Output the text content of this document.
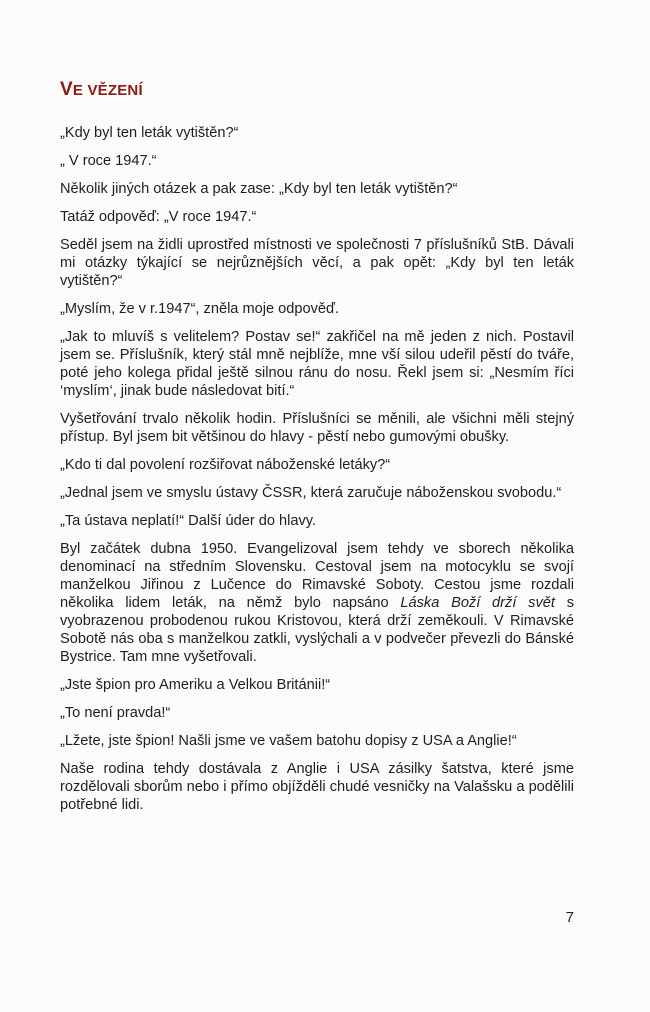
VE VĚZENÍ

„Kdy byl ten leták vytištěn?“

„ V roce 1947.“

Několik jiných otázek a pak zase: „Kdy byl ten leták vytištěn?“

Tatáž odpověď: „V roce 1947.“

Seděl jsem na židli uprostřed místnosti ve společnosti 7 příslušníků StB. Dávali mi otázky týkající se nejrůznějších věcí, a pak opět: „Kdy byl ten leták vytištěn?“

„Myslím, že v r.1947“, zněla moje odpověď.

„Jak to mluvíš s velitelem? Postav se!“ zakřičel na mě jeden z nich. Postavil jsem se. Příslušník, který stál mně nejblíže, mne vší silou udeřil pěstí do tváře, poté jeho kolega přidal ještě silnou ránu do nosu. Řekl jsem si: „Nesmím říci ‘myslím‘, jinak bude následovat bití.“

Vyšetřování trvalo několik hodin. Příslušníci se měnili, ale všichni měli stejný přístup. Byl jsem bit většinou do hlavy - pěstí nebo gumovými obušky.

„Kdo ti dal povolení rozšiřovat náboženské letáky?“

„Jednal jsem ve smyslu ústavy ČSSR, která zaručuje náboženskou svobodu.“

„Ta ústava neplatí!“ Další úder do hlavy.

Byl začátek dubna 1950. Evangelizoval jsem tehdy ve sborech několika denominací na středním Slovensku. Cestoval jsem na motocyklu se svojí manželkou Jiřinou z Lučence do Rimavské Soboty. Cestou jsme rozdali několika lidem leták, na němž bylo napsáno Láska Boží drží svět s vyobrazenou probodenou rukou Kristovou, která drží zeměkouli. V Rimavské Sobotě nás oba s manželkou zatkli, vyslýchali a v podvečer převezli do Bánské Bystrice. Tam mne vyšetřovali.

„Jste špion pro Ameriku a Velkou Británii!“

„To není pravda!“

„Lžete, jste špion! Našli jsme ve vašem batohu dopisy z USA a Anglie!“

Naše rodina tehdy dostávala z Anglie i USA zásilky šatstva, které jsme rozdělovali sborům nebo i přímo objížděli chudé vesničky na Valašsku a podělili potřebné lidi.

7
